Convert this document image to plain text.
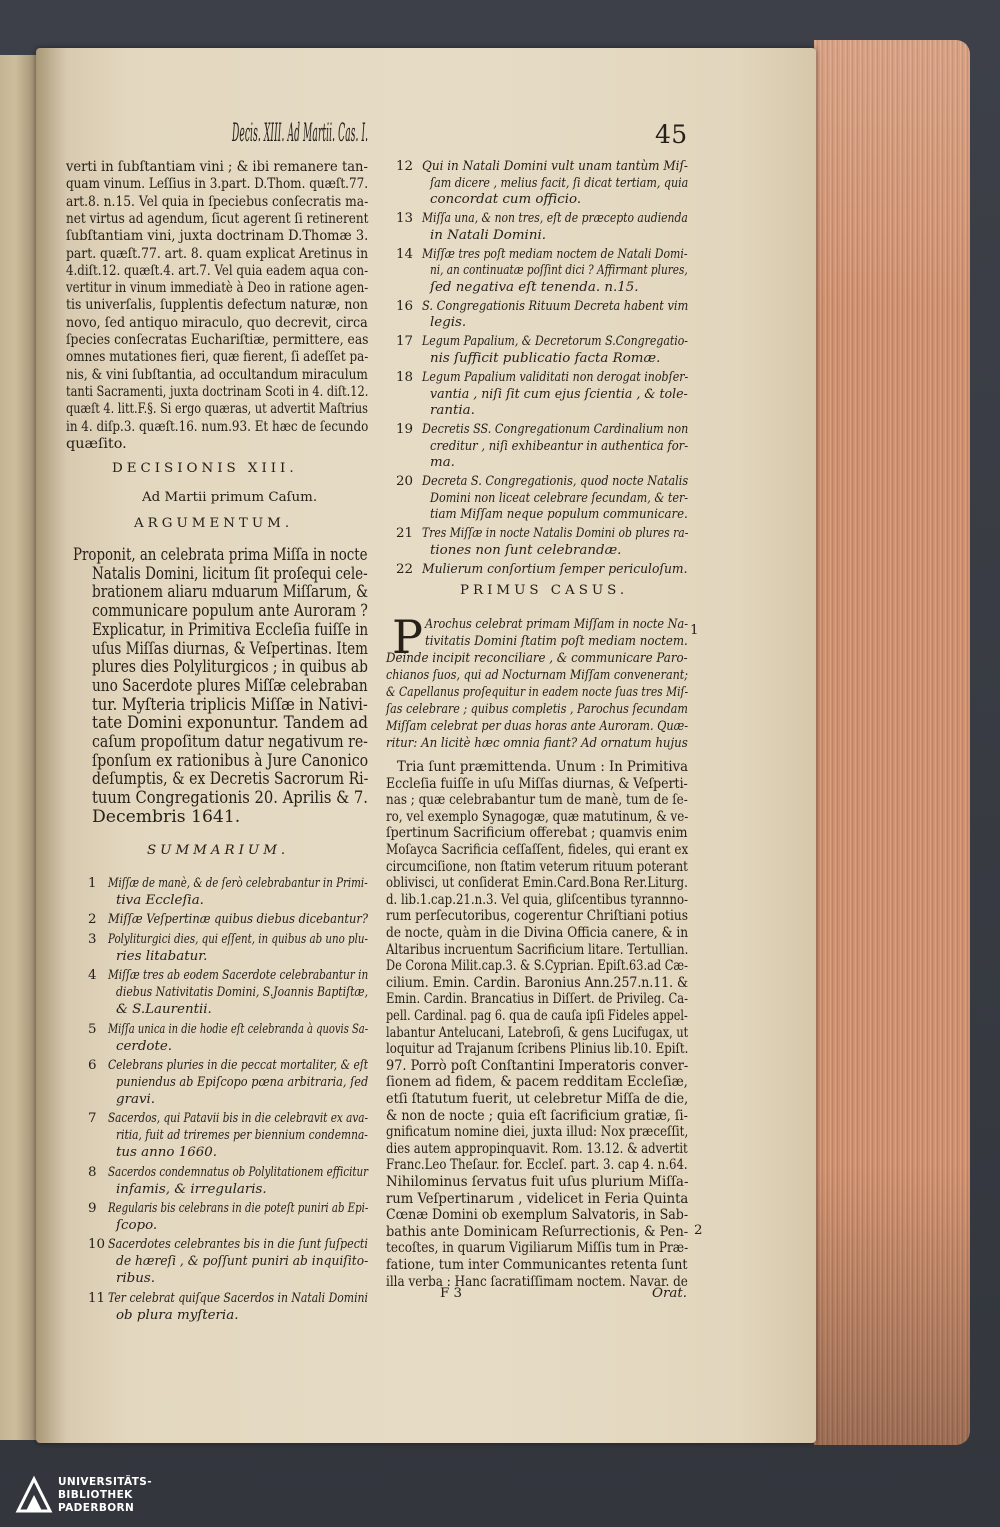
Decis. XIII. Ad Martii. Cas. I.	45
DECISIONIS XIII.
Ad Martii primum Caſum.
ARGUMENTUM.
SUMMARIUM.
PRIMUS CASUS.
P	1
2
F 3	Orat.
verti in ſubſtantiam vini ; & ibi remanere tan-
quam vinum. Leſſius in 3.part. D.Thom. quæſt.77.
art.8. n.15. Vel quia in ſpeciebus conſecratis ma-
net virtus ad agendum, ſicut agerent ſi retinerent
ſubſtantiam vini, juxta doctrinam D.Thomæ 3.
part. quæſt.77. art. 8. quam explicat Aretinus in
4.diſt.12. quæſt.4. art.7. Vel quia eadem aqua con-
vertitur in vinum immediatè à Deo in ratione agen-
tis univerſalis, ſupplentis defectum naturæ, non
novo, ſed antiquo miraculo, quo decrevit, circa
ſpecies conſecratas Euchariſtiæ, permittere, eas
omnes mutationes fieri, quæ fierent, ſi adeſſet pa-
nis, & vini ſubſtantia, ad occultandum miraculum
tanti Sacramenti, juxta doctrinam Scoti in 4. diſt.12.
quæſt 4. litt.F.§. Si ergo quæras, ut advertit Maſtrius
in 4. diſp.3. quæſt.16. num.93. Et hæc de ſecundo
quæſito.
Proponit, an celebrata prima Miſſa in nocte
Natalis Domini, licitum ſit proſequi cele-
brationem aliaru mduarum Miſſarum, &
communicare populum ante Auroram ?
Explicatur, in Primitiva Eccleſia fuiſſe in
uſus Miſſas diurnas, & Veſpertinas. Item
plures dies Polyliturgicos ; in quibus ab
uno Sacerdote plures Miſſæ celebraban
tur. Myſteria triplicis Miſſæ in Nativi-
tate Domini exponuntur. Tandem ad
caſum propoſitum datur negativum re-
ſponſum ex rationibus à Jure Canonico
deſumptis, & ex Decretis Sacrorum Ri-
tuum Congregationis 20. Aprilis & 7.
Decembris 1641.
1 Miſſæ de manè, & de ſerò celebrabantur in Primi-
tiva Eccleſia.
2 Miſſæ Veſpertinæ quibus diebus dicebantur?
3 Polyliturgici dies, qui eſſent, in quibus ab uno plu-
ries litabatur.
4 Miſſæ tres ab eodem Sacerdote celebrabantur in
diebus Nativitatis Domini, S.Joannis Baptiſtæ,
& S.Laurentii.
5 Miſſa unica in die hodie eſt celebranda à quovis Sa-
cerdote.
6 Celebrans pluries in die peccat mortaliter, & eſt
puniendus ab Epiſcopo pœna arbitraria, ſed
gravi.
7 Sacerdos, qui Patavii bis in die celebravit ex ava-
ritia, fuit ad triremes per biennium condemna-
tus anno 1660.
8 Sacerdos condemnatus ob Polylitationem efficitur
infamis, & irregularis.
9 Regularis bis celebrans in die poteſt puniri ab Epi-
ſcopo.
10 Sacerdotes celebrantes bis in die ſunt ſuſpecti
de hæreſi , & poſſunt puniri ab inquiſito-
ribus.
11 Ter celebrat quiſque Sacerdos in Natali Domini
ob plura myſteria.
12 Qui in Natali Domini vult unam tantùm Miſ-
ſam dicere , melius facit, ſi dicat tertiam, quia
concordat cum officio.
13 Miſſa una, & non tres, eſt de præcepto audienda
in Natali Domini.
14 Miſſæ tres poſt mediam noctem de Natali Domi-
ni, an continuatæ poſſint dici ? Affirmant plures,
ſed negativa eſt tenenda. n.15.
16 S. Congregationis Rituum Decreta habent vim
legis.
17 Legum Papalium, & Decretorum S.Congregatio-
nis ſufficit publicatio facta Romæ.
18 Legum Papalium validitati non derogat inobſer-
vantia , niſi ſit cum ejus ſcientia , & tole-
rantia.
19 Decretis SS. Congregationum Cardinalium non
creditur , niſi exhibeantur in authentica for-
ma.
20 Decreta S. Congregationis, quod nocte Natalis
Domini non liceat celebrare ſecundam, & ter-
tiam Miſſam neque populum communicare.
21 Tres Miſſæ in nocte Natalis Domini ob plures ra-
tiones non ſunt celebrandæ.
22 Mulierum conſortium ſemper periculoſum.
Arochus celebrat primam Miſſam in nocte Na-
tivitatis Domini ſtatim poſt mediam noctem.
Deinde incipit reconciliare , & communicare Paro-
chianos ſuos, qui ad Nocturnam Miſſam convenerant;
& Capellanus proſequitur in eadem nocte ſuas tres Miſ-
ſas celebrare ; quibus completis , Parochus ſecundam
Miſſam celebrat per duas horas ante Auroram. Quæ-
ritur: An licitè hæc omnia fiant? Ad ornatum hujus
Tria ſunt præmittenda. Unum : In Primitiva
Eccleſia fuiſſe in uſu Miſſas diurnas, & Veſperti-
nas ; quæ celebrabantur tum de manè, tum de ſe-
ro, vel exemplo Synagogæ, quæ matutinum, & ve-
ſpertinum Sacrificium offerebat ; quamvis enim
Moſayca Sacrificia ceſſaſſent, fideles, qui erant ex
circumciſione, non ſtatim veterum rituum poterant
oblivisci, ut conſiderat Emin.Card.Bona Rer.Liturg.
d. lib.1.cap.21.n.3. Vel quia, gliſcentibus tyrannno-
rum perſecutoribus, cogerentur Chriſtiani potius
de nocte, quàm in die Divina Officia canere, & in
Altaribus incruentum Sacrificium litare. Tertullian.
De Corona Milit.cap.3. & S.Cyprian. Epiſt.63.ad Cæ-
cilium. Emin. Cardin. Baronius Ann.257.n.11. &
Emin. Cardin. Brancatius in Diſſert. de Privileg. Ca-
pell. Cardinal. pag 6. qua de cauſa ipſi Fideles appel-
labantur Antelucani, Latebroſi, & gens Lucifugax, ut
loquitur ad Trajanum ſcribens Plinius lib.10. Epiſt.
97. Porrò poſt Conſtantini Imperatoris conver-
ſionem ad fidem, & pacem redditam Eccleſiæ,
etſi ſtatutum fuerit, ut celebretur Miſſa de die,
& non de nocte ; quia eſt ſacrificium gratiæ, ſi-
gnificatum nomine diei, juxta illud: Nox præceſſit,
dies autem appropinquavit. Rom. 13.12. & advertit
Franc.Leo Theſaur. for. Eccleſ. part. 3. cap 4. n.64.
Nihilominus ſervatus fuit uſus plurium Miſſa-
rum Veſpertinarum , videlicet in Feria Quinta
Cœnæ Domini ob exemplum Salvatoris, in Sab-
bathis ante Dominicam Reſurrectionis, & Pen-
tecoſtes, in quarum Vigiliarum Miſſis tum in Præ-
fatione, tum inter Communicantes retenta ſunt
illa verba : Hanc ſacratiſſimam noctem. Navar. de
UNIVERSITÄTS-
BIBLIOTHEK
PADERBORN
